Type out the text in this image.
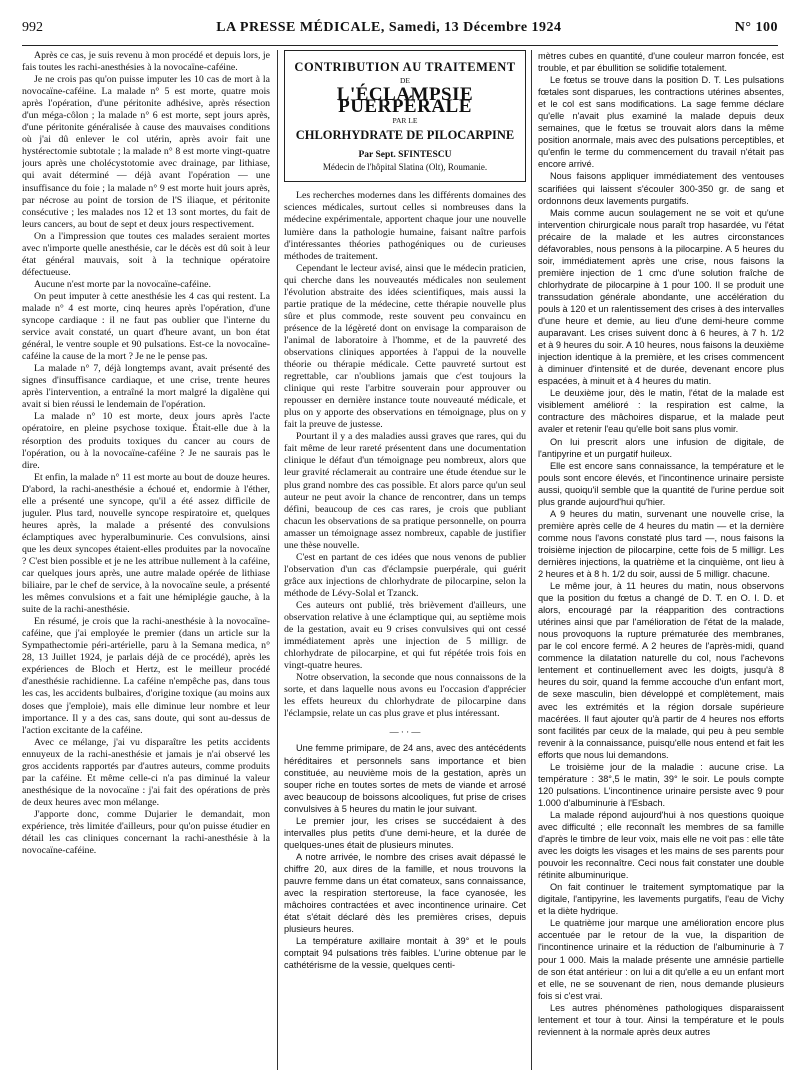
992	LA PRESSE MÉDICALE, Samedi, 13 Décembre 1924	N° 100

Après ce cas, je suis revenu à mon procédé et depuis lors, je fais toutes les rachi-anesthésies à la novocaïne-caféine.

Je ne crois pas qu'on puisse imputer les 10 cas de mort à la novocaïne-caféine. La malade n° 5 est morte, quatre mois après l'opération, d'une péritonite adhésive, après résection d'un méga-côlon ; la malade n° 6 est morte, sept jours après, d'une péritonite généralisée à cause des mauvaises conditions où j'ai dû enlever le col utérin, après avoir fait une hystérectomie subtotale ; la malade n° 8 est morte vingt-quatre jours après une cholécystotomie avec drainage, par lithiase, qui avait déterminé — déjà avant l'opération — une insuffisance du foie ; la malade n° 9 est morte huit jours après, par nécrose au point de torsion de l'S iliaque, et péritonite consécutive ; les malades nos 12 et 13 sont mortes, du fait de leurs cancers, au bout de sept et deux jours respectivement.

On a l'impression que toutes ces malades seraient mortes avec n'importe quelle anesthésie, car le décès est dû soit à leur état général mauvais, soit à la technique opératoire défectueuse.

Aucune n'est morte par la novocaïne-caféine.

On peut imputer à cette anesthésie les 4 cas qui restent. La malade n° 4 est morte, cinq heures après l'opération, d'une syncope cardiaque : il ne faut pas oublier que l'interne du service avait constaté, un quart d'heure avant, un bon état général, le ventre souple et 90 pulsations. Est-ce la novocaïne-caféine la cause de la mort ? Je ne le pense pas.

La malade n° 7, déjà longtemps avant, avait présenté des signes d'insuffisance cardiaque, et une crise, trente heures après l'intervention, a entraîné la mort malgré la digalène qui avait si bien réussi le lendemain de l'opération.

La malade n° 10 est morte, deux jours après l'acte opératoire, en pleine psychose toxique. Était-elle due à la résorption des produits toxiques du cancer au cours de l'opération, ou à la novocaïne-caféine ? Je ne saurais pas le dire.

Et enfin, la malade n° 11 est morte au bout de douze heures. D'abord, la rachi-anesthésie a échoué et, endormie à l'éther, elle a présenté une syncope, qu'il a été assez difficile de juguler. Plus tard, nouvelle syncope respiratoire et, quelques heures après, la malade a présenté des convulsions éclamptiques avec hyperalbuminurie. Ces convulsions, ainsi que les deux syncopes étaient-elles produites par la novocaïne ? C'est bien possible et je ne les attribue nullement à la caféine, car quelques jours après, une autre malade opérée de lithiase biliaire, par le chef de service, à la novocaïne seule, a présenté les mêmes convulsions et a fait une hémiplégie gauche, à la suite de la rachi-anesthésie.

En résumé, je crois que la rachi-anesthésie à la novocaïne-caféine, que j'ai employée le premier (dans un article sur la Sympathectomie péri-artérielle, paru à la Semana medica, n° 28, 13 Juillet 1924, je parlais déjà de ce procédé), après les expériences de Bloch et Hertz, est le meilleur procédé d'anesthésie rachidienne. La caféine n'empêche pas, dans tous les cas, les accidents bulbaires, d'origine toxique (au moins aux doses que j'emploie), mais elle diminue leur nombre et leur importance. Il y a des cas, sans doute, qui sont au-dessus de l'action excitante de la caféine.

Avec ce mélange, j'ai vu disparaître les petits accidents ennuyeux de la rachi-anesthésie et jamais je n'ai observé les gros accidents rapportés par d'autres auteurs, comme produits par la caféine. Et même celle-ci n'a pas diminué la valeur anesthésique de la novocaïne : j'ai fait des opérations de près de deux heures avec mon mélange.

J'apporte donc, comme Dujarier le demandait, mon expérience, très limitée d'ailleurs, pour qu'on puisse étudier en détail les cas cliniques concernant la rachi-anesthésie à la novocaïne-caféine.

CONTRIBUTION AU TRAITEMENT
DE
L'ÉCLAMPSIE PUERPÉRALE
PAR LE
CHLORHYDRATE DE PILOCARPINE
Par Sept. SFINTESCU
Médecin de l'hôpital Slatina (Olt), Roumanie.

Les recherches modernes dans les différents domaines des sciences médicales, surtout celles si nombreuses dans la médecine expérimentale, apportent chaque jour une nouvelle lumière dans la pathologie humaine, faisant naître parfois d'intéressantes théories pathogéniques ou de curieuses méthodes de traitement.

Cependant le lecteur avisé, ainsi que le médecin praticien, qui cherche dans les nouveautés médicales non seulement l'évolution abstraite des idées scientifiques, mais aussi la partie pratique de la médecine, cette thérapie nouvelle plus sûre et plus commode, reste souvent peu convaincu en présence de la légèreté dont on envisage la comparaison de l'animal de laboratoire à l'homme, et de la pauvreté des observations cliniques apportées à l'appui de la nouvelle théorie ou thérapie médicale. Cette pauvreté surtout est regrettable, car n'oublions jamais que c'est toujours la clinique qui reste l'arbitre souverain pour approuver ou repousser en dernière instance toute nouveauté médicale, et plus on y apporte des observations en témoignage, plus on y fait la preuve de justesse.

Pourtant il y a des maladies aussi graves que rares, qui du fait même de leur rareté présentent dans une documentation clinique le défaut d'un témoignage peu nombreux, alors que leur gravité réclamerait au contraire une étude étendue sur le plus grand nombre des cas possible. Et alors parce qu'un seul auteur ne peut avoir la chance de rencontrer, dans un temps défini, beaucoup de ces cas rares, je crois que publiant chacun les observations de sa pratique personnelle, on pourra amasser un témoignage assez nombreux, capable de justifier une thèse nouvelle.

C'est en partant de ces idées que nous venons de publier l'observation d'un cas d'éclampsie puerpérale, qui guérit grâce aux injections de chlorhydrate de pilocarpine, selon la méthode de Lévy-Solal et Tzanck.

Ces auteurs ont publié, très brièvement d'ailleurs, une observation relative à une éclamptique qui, au septième mois de la gestation, avait eu 9 crises convulsives qui ont cessé immédiatement après une injection de 5 milligr. de chlorhydrate de pilocarpine, et qui fut répétée trois fois en vingt-quatre heures.

Notre observation, la seconde que nous connaissons de la sorte, et dans laquelle nous avons eu l'occasion d'apprécier les effets heureux du chlorhydrate de pilocarpine dans l'éclampsie, relate un cas plus grave et plus intéressant.

— · · —

Une femme primipare, de 24 ans, avec des antécédents héréditaires et personnels sans importance et bien constituée, au neuvième mois de la gestation, après un souper riche en toutes sortes de mets de viande et arrosé avec beaucoup de boissons alcooliques, fut prise de crises convulsives à 5 heures du matin le jour suivant.

Le premier jour, les crises se succédaient à des intervalles plus petits d'une demi-heure, et la durée de quelques-unes était de plusieurs minutes.

A notre arrivée, le nombre des crises avait dépassé le chiffre 20, aux dires de la famille, et nous trouvons la pauvre femme dans un état comateux, sans connaissance, avec la respiration stertoreuse, la face cyanosée, les mâchoires contractées et avec incontinence urinaire. Cet état s'était déclaré dès les premières crises, depuis plusieurs heures.

La température axillaire montait à 39° et le pouls comptait 94 pulsations très faibles. L'urine obtenue par le cathétérisme de la vessie, quelques centi-

mètres cubes en quantité, d'une couleur marron foncée, est trouble, et par ébullition se solidifie totalement.

Le fœtus se trouve dans la position D. T. Les pulsations fœtales sont disparues, les contractions utérines absentes, et le col est sans modifications. La sage femme déclare qu'elle n'avait plus examiné la malade depuis deux semaines, que le fœtus se trouvait alors dans la même position anormale, mais avec des pulsations perceptibles, et qu'enfin le terme du commencement du travail n'était pas encore arrivé.

Nous faisons appliquer immédiatement des ventouses scarifiées qui laissent s'écouler 300-350 gr. de sang et ordonnons deux lavements purgatifs.

Mais comme aucun soulagement ne se voit et qu'une intervention chirurgicale nous paraît trop hasardée, vu l'état précaire de la malade et les autres circonstances défavorables, nous pensons à la pilocarpine. A 5 heures du soir, immédiatement après une crise, nous faisons la première injection de 1 cmc d'une solution fraîche de chlorhydrate de pilocarpine à 1 pour 100. Il se produit une transsudation générale abondante, une accélération du pouls à 120 et un ralentissement des crises à des intervalles d'une heure et demie, au lieu d'une demi-heure comme auparavant. Les crises suivent donc à 6 heures, à 7 h. 1/2 et à 9 heures du soir. A 10 heures, nous faisons la deuxième injection identique à la première, et les crises commencent à diminuer d'intensité et de durée, devenant encore plus espacées, à minuit et à 4 heures du matin.

Le deuxième jour, dès le matin, l'état de la malade est visiblement amélioré : la respiration est calme, la contracture des mâchoires disparue, et la malade peut avaler et retenir l'eau qu'elle boit sans plus vomir.

On lui prescrit alors une infusion de digitale, de l'antipyrine et un purgatif huileux.

Elle est encore sans connaissance, la température et le pouls sont encore élevés, et l'incontinence urinaire persiste aussi, quoiqu'il semble que la quantité de l'urine perdue soit plus grande aujourd'hui qu'hier.

A 9 heures du matin, survenant une nouvelle crise, la première après celle de 4 heures du matin — et la dernière comme nous l'avons constaté plus tard —, nous faisons la troisième injection de pilocarpine, cette fois de 5 milligr. Les dernières injections, la quatrième et la cinquième, ont lieu à 2 heures et à 8 h. 1/2 du soir, aussi de 5 milligr. chacune.

Le même jour, à 11 heures du matin, nous observons que la position du fœtus a changé de D. T. en O. I. D. et alors, encouragé par la réapparition des contractions utérines ainsi que par l'amélioration de l'état de la malade, nous provoquons la rupture prématurée des membranes, par le col encore fermé. A 2 heures de l'après-midi, quand commence la dilatation naturelle du col, nous l'achevons lentement et continuellement avec les doigts, jusqu'à 8 heures du soir, quand la femme accouche d'un enfant mort, de sexe masculin, bien développé et complètement, mais avec les extrémités et la région dorsale supérieure macérées. Il faut ajouter qu'à partir de 4 heures nos efforts sont facilités par ceux de la malade, qui peu à peu semble revenir à la connaissance, puisqu'elle nous entend et fait les efforts que nous lui demandons.

Le troisième jour de la maladie : aucune crise. La température : 38°,5 le matin, 39° le soir. Le pouls compte 120 pulsations. L'incontinence urinaire persiste avec 9 pour 1.000 d'albuminurie à l'Esbach.

La malade répond aujourd'hui à nos questions quoique avec difficulté ; elle reconnaît les membres de sa famille d'après le timbre de leur voix, mais elle ne voit pas : elle tâte avec les doigts les visages et les mains de ses parents pour pouvoir les reconnaître. Ceci nous fait constater une double rétinite albuminurique.

On fait continuer le traitement symptomatique par la digitale, l'antipyrine, les lavements purgatifs, l'eau de Vichy et la diète hydrique.

Le quatrième jour marque une amélioration encore plus accentuée par le retour de la vue, la disparition de l'incontinence urinaire et la réduction de l'albuminurie à 7 pour 1 000. Mais la malade présente une amnésie partielle de son état antérieur : on lui a dit qu'elle a eu un enfant mort et elle, ne se souvenant de rien, nous demande plusieurs fois si c'est vrai.

Les autres phénomènes pathologiques disparaissent lentement et tour à tour. Ainsi la température et le pouls reviennent à la normale après deux autres
